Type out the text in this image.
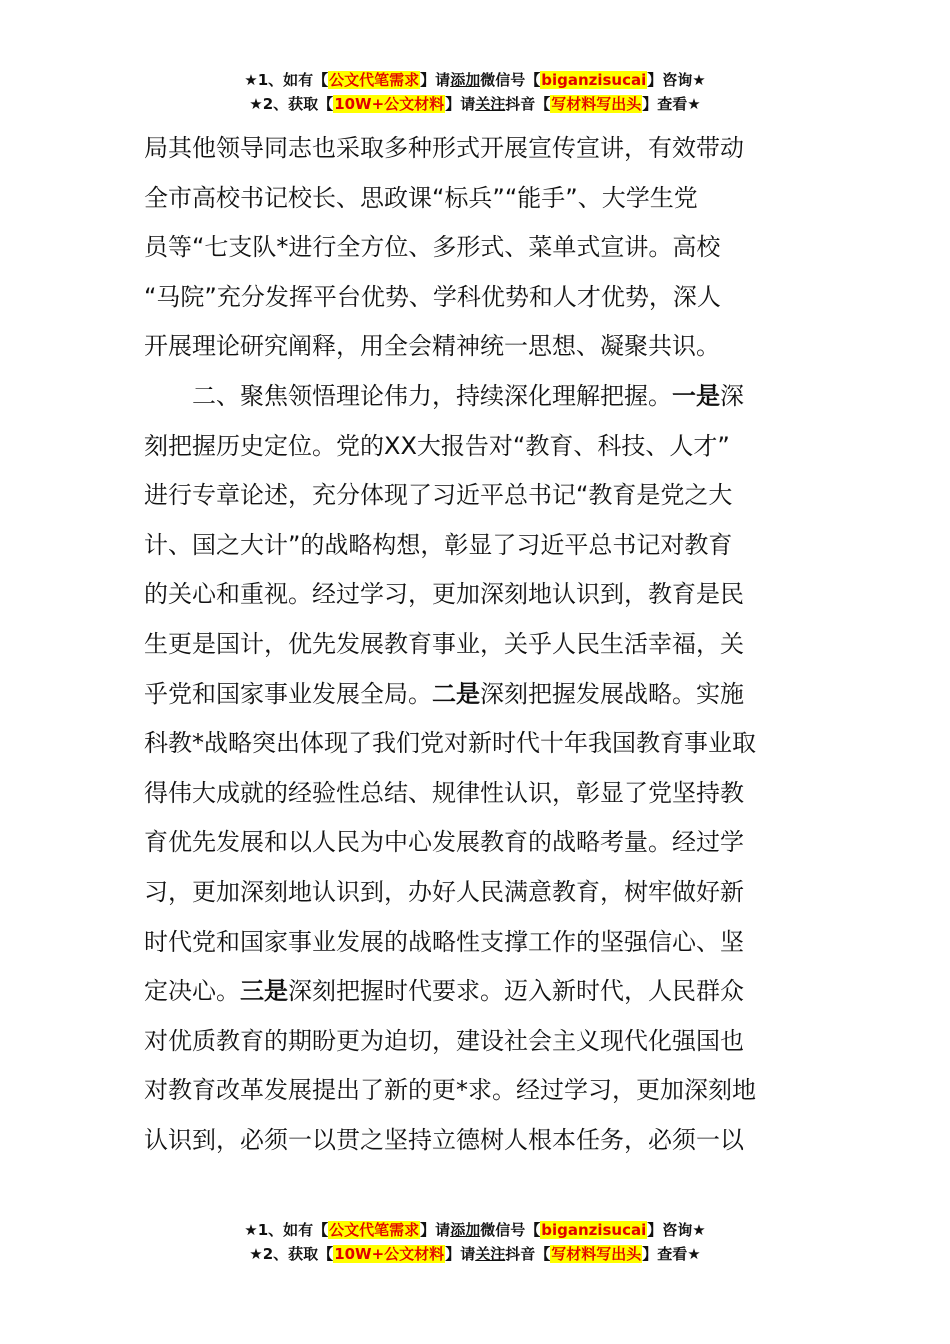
★1、如有【公文代笔需求】请添加微信号【biganzisucai】咨询★
★2、获取【10W+公文材料】请关注抖音【写材料写出头】查看★

局其他领导同志也采取多种形式开展宣传宣讲，有效带动
全市高校书记校长、思政课“标兵”“能手”、大学生党
员等“七支队*进行全方位、多形式、菜单式宣讲。高校
“马院”充分发挥平台优势、学科优势和人才优势，深人
开展理论研究阐释，用全会精神统一思想、凝聚共识。

二、聚焦领悟理论伟力，持续深化理解把握。一是深
刻把握历史定位。党的XX大报告对“教育、科技、人才”
进行专章论述，充分体现了习近平总书记“教育是党之大
计、国之大计”的战略构想，彰显了习近平总书记对教育
的关心和重视。经过学习，更加深刻地认识到，教育是民
生更是国计，优先发展教育事业，关乎人民生活幸福，关
乎党和国家事业发展全局。二是深刻把握发展战略。实施
科教*战略突出体现了我们党对新时代十年我国教育事业取
得伟大成就的经验性总结、规律性认识，彰显了党坚持教
育优先发展和以人民为中心发展教育的战略考量。经过学
习，更加深刻地认识到，办好人民满意教育，树牢做好新
时代党和国家事业发展的战略性支撑工作的坚强信心、坚
定决心。三是深刻把握时代要求。迈入新时代，人民群众
对优质教育的期盼更为迫切，建设社会主义现代化强国也
对教育改革发展提出了新的更*求。经过学习，更加深刻地
认识到，必须一以贯之坚持立德树人根本任务，必须一以

★1、如有【公文代笔需求】请添加微信号【biganzisucai】咨询★
★2、获取【10W+公文材料】请关注抖音【写材料写出头】查看★
